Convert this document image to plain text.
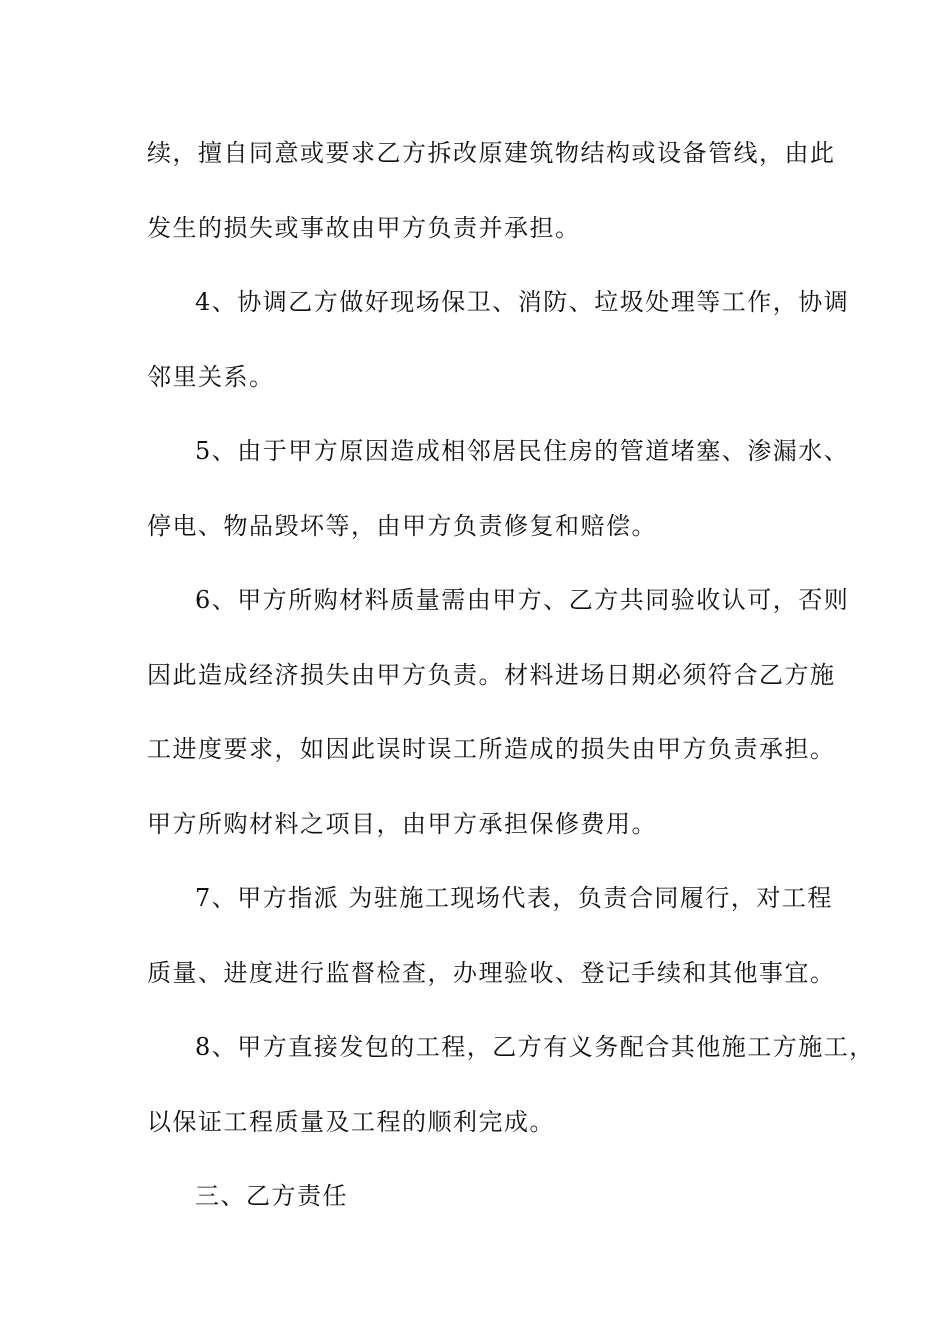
续，擅自同意或要求乙方拆改原建筑物结构或设备管线，由此
发生的损失或事故由甲方负责并承担。
4、协调乙方做好现场保卫、消防、垃圾处理等工作，协调
邻里关系。
5、由于甲方原因造成相邻居民住房的管道堵塞、渗漏水、
停电、物品毁坏等，由甲方负责修复和赔偿。
6、甲方所购材料质量需由甲方、乙方共同验收认可，否则
因此造成经济损失由甲方负责。材料进场日期必须符合乙方施
工进度要求，如因此误时误工所造成的损失由甲方负责承担。
甲方所购材料之项目，由甲方承担保修费用。
7、甲方指派 为驻施工现场代表，负责合同履行，对工程
质量、进度进行监督检查，办理验收、登记手续和其他事宜。
8、甲方直接发包的工程，乙方有义务配合其他施工方施工，
以保证工程质量及工程的顺利完成。
三、乙方责任
